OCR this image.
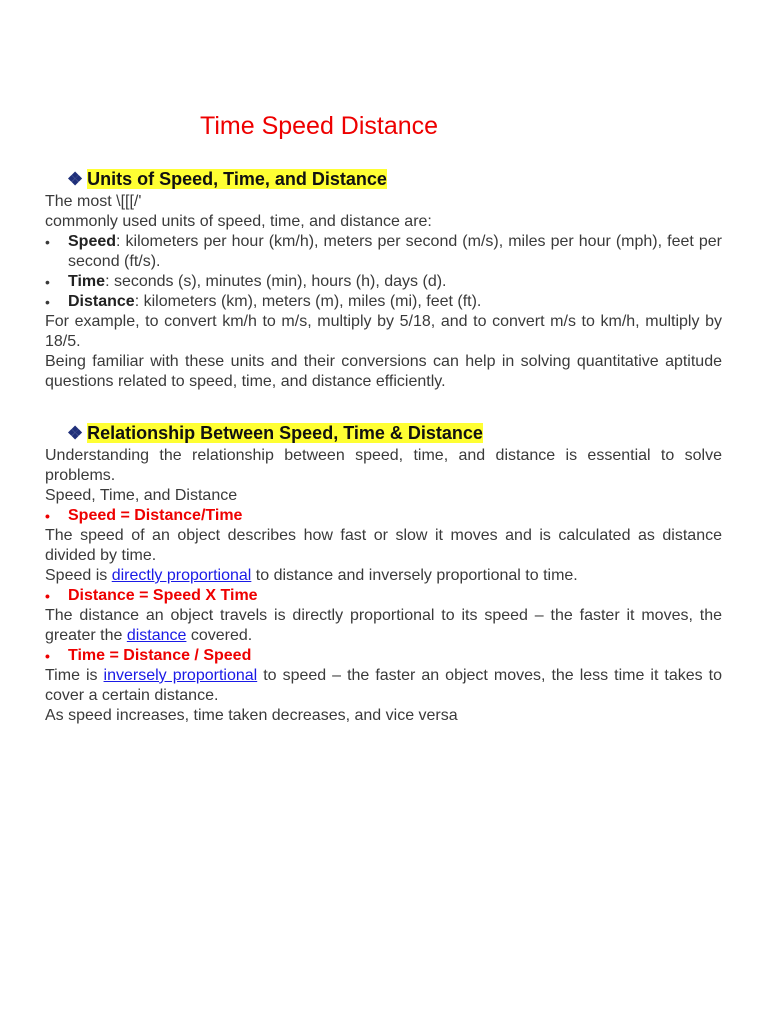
Time Speed Distance
❖ Units of Speed, Time, and Distance

The most \[[[/'

commonly used units of speed, time, and distance are:

• Speed: kilometers per hour (km/h), meters per second (m/s), miles per hour (mph), feet per second (ft/s).
• Time: seconds (s), minutes (min), hours (h), days (d).
• Distance: kilometers (km), meters (m), miles (mi), feet (ft).

For example, to convert km/h to m/s, multiply by 5/18, and to convert m/s to km/h, multiply by 18/5.

Being familiar with these units and their conversions can help in solving quantitative aptitude questions related to speed, time, and distance efficiently.

❖ Relationship Between Speed, Time & Distance

Understanding the relationship between speed, time, and distance is essential to solve problems.

Speed, Time, and Distance

• Speed = Distance/Time

The speed of an object describes how fast or slow it moves and is calculated as distance divided by time.

Speed is directly proportional to distance and inversely proportional to time.

• Distance = Speed X Time

The distance an object travels is directly proportional to its speed – the faster it moves, the greater the distance covered.

• Time = Distance / Speed

Time is inversely proportional to speed – the faster an object moves, the less time it takes to cover a certain distance.

As speed increases, time taken decreases, and vice versa
